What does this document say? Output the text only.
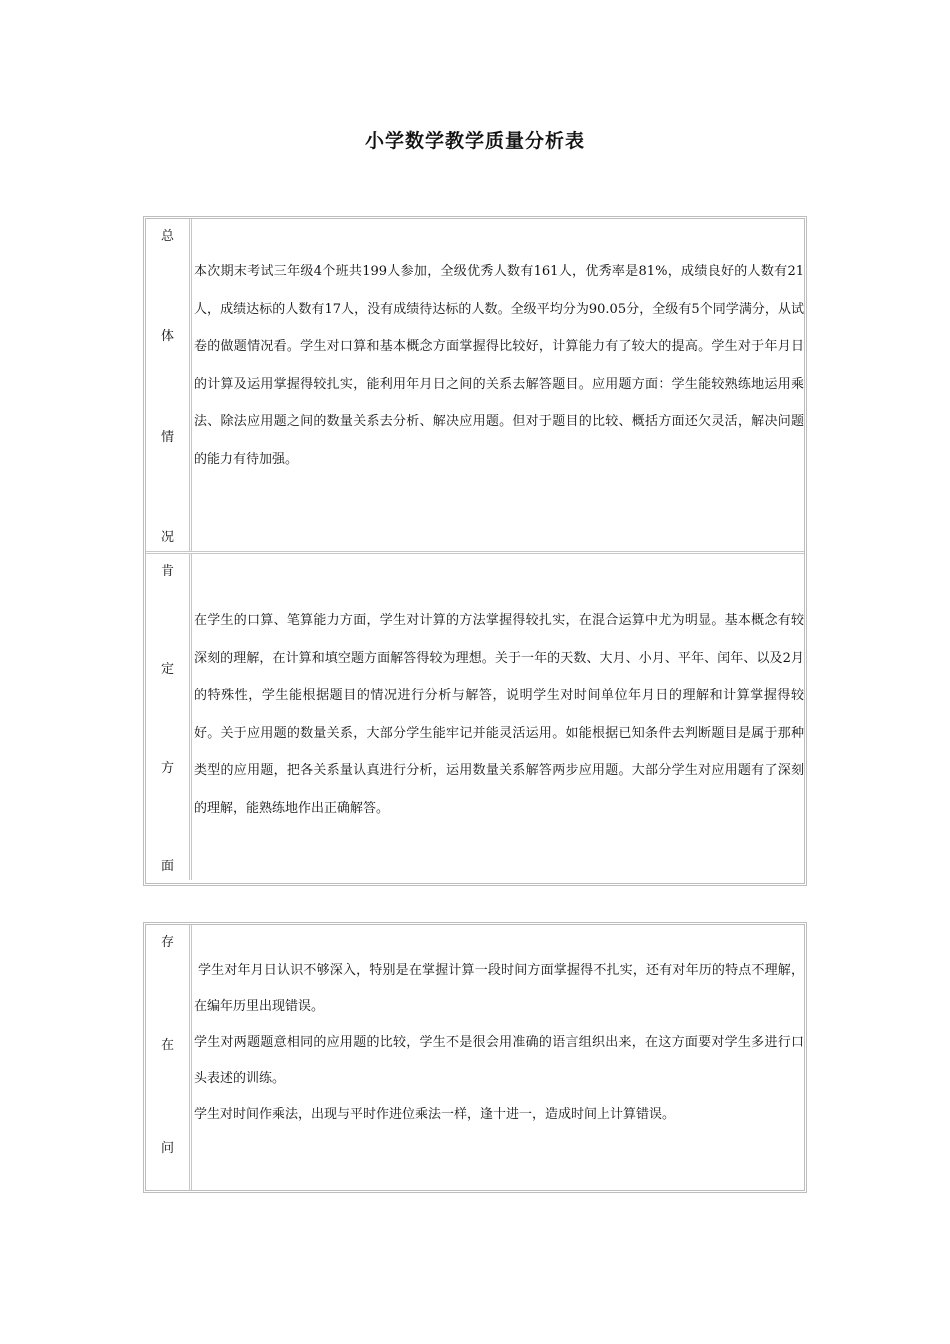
小学数学教学质量分析表
总
体
情
况

本次期末考试三年级4个班共199人参加，全级优秀人数有161人，优秀率是81%，成绩良好的人数有21人，成绩达标的人数有17人，没有成绩待达标的人数。全级平均分为90.05分，全级有5个同学满分，从试卷的做题情况看。学生对口算和基本概念方面掌握得比较好，计算能力有了较大的提高。学生对于年月日的计算及运用掌握得较扎实，能利用年月日之间的关系去解答题目。应用题方面：学生能较熟练地运用乘法、除法应用题之间的数量关系去分析、解决应用题。但对于题目的比较、概括方面还欠灵活，解决问题的能力有待加强。

肯
定
方
面

在学生的口算、笔算能力方面，学生对计算的方法掌握得较扎实，在混合运算中尤为明显。基本概念有较深刻的理解，在计算和填空题方面解答得较为理想。关于一年的天数、大月、小月、平年、闰年、以及2月的特殊性，学生能根据题目的情况进行分析与解答，说明学生对时间单位年月日的理解和计算掌握得较好。关于应用题的数量关系，大部分学生能牢记并能灵活运用。如能根据已知条件去判断题目是属于那种类型的应用题，把各关系量认真进行分析，运用数量关系解答两步应用题。大部分学生对应用题有了深刻的理解，能熟练地作出正确解答。

存
在
问

学生对年月日认识不够深入，特别是在掌握计算一段时间方面掌握得不扎实，还有对年历的特点不理解，在编年历里出现错误。

学生对两题题意相同的应用题的比较，学生不是很会用准确的语言组织出来，在这方面要对学生多进行口头表述的训练。

学生对时间作乘法，出现与平时作进位乘法一样，逢十进一，造成时间上计算错误。
